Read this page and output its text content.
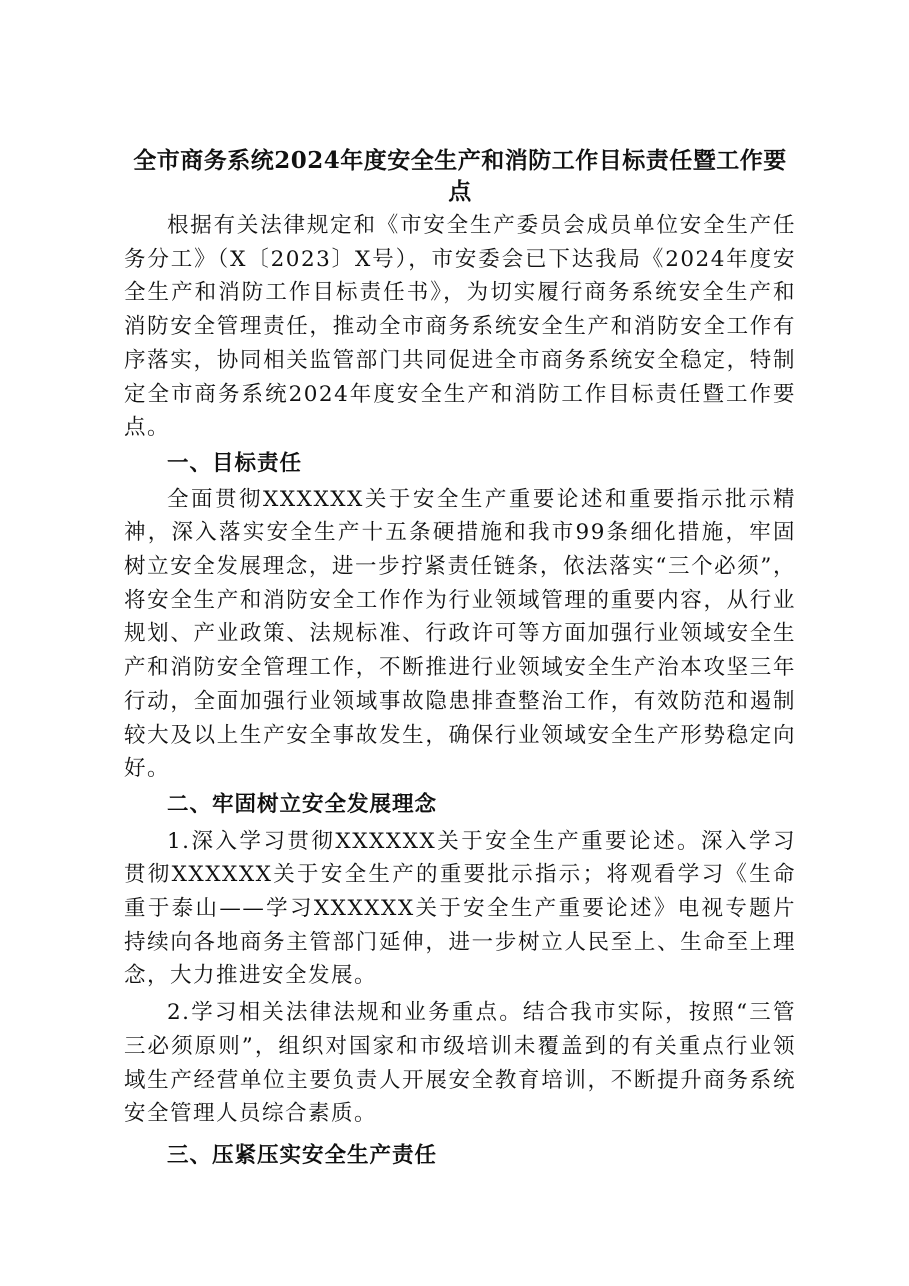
全市商务系统2024年度安全生产和消防工作目标责任暨工作要点

根据有关法律规定和《市安全生产委员会成员单位安全生产任务分工》（X〔2023〕X号），市安委会已下达我局《2024年度安全生产和消防工作目标责任书》，为切实履行商务系统安全生产和消防安全管理责任，推动全市商务系统安全生产和消防安全工作有序落实，协同相关监管部门共同促进全市商务系统安全稳定，特制定全市商务系统2024年度安全生产和消防工作目标责任暨工作要点。

一、目标责任

全面贯彻XXXXXX关于安全生产重要论述和重要指示批示精神，深入落实安全生产十五条硬措施和我市99条细化措施，牢固树立安全发展理念，进一步拧紧责任链条，依法落实“三个必须”，将安全生产和消防安全工作作为行业领域管理的重要内容，从行业规划、产业政策、法规标准、行政许可等方面加强行业领域安全生产和消防安全管理工作，不断推进行业领域安全生产治本攻坚三年行动，全面加强行业领域事故隐患排查整治工作，有效防范和遏制较大及以上生产安全事故发生，确保行业领域安全生产形势稳定向好。

二、牢固树立安全发展理念

1.深入学习贯彻XXXXXX关于安全生产重要论述。深入学习贯彻XXXXXX关于安全生产的重要批示指示；将观看学习《生命重于泰山——学习XXXXXX关于安全生产重要论述》电视专题片持续向各地商务主管部门延伸，进一步树立人民至上、生命至上理念，大力推进安全发展。

2.学习相关法律法规和业务重点。结合我市实际，按照“三管三必须原则”，组织对国家和市级培训未覆盖到的有关重点行业领域生产经营单位主要负责人开展安全教育培训，不断提升商务系统安全管理人员综合素质。

三、压紧压实安全生产责任
